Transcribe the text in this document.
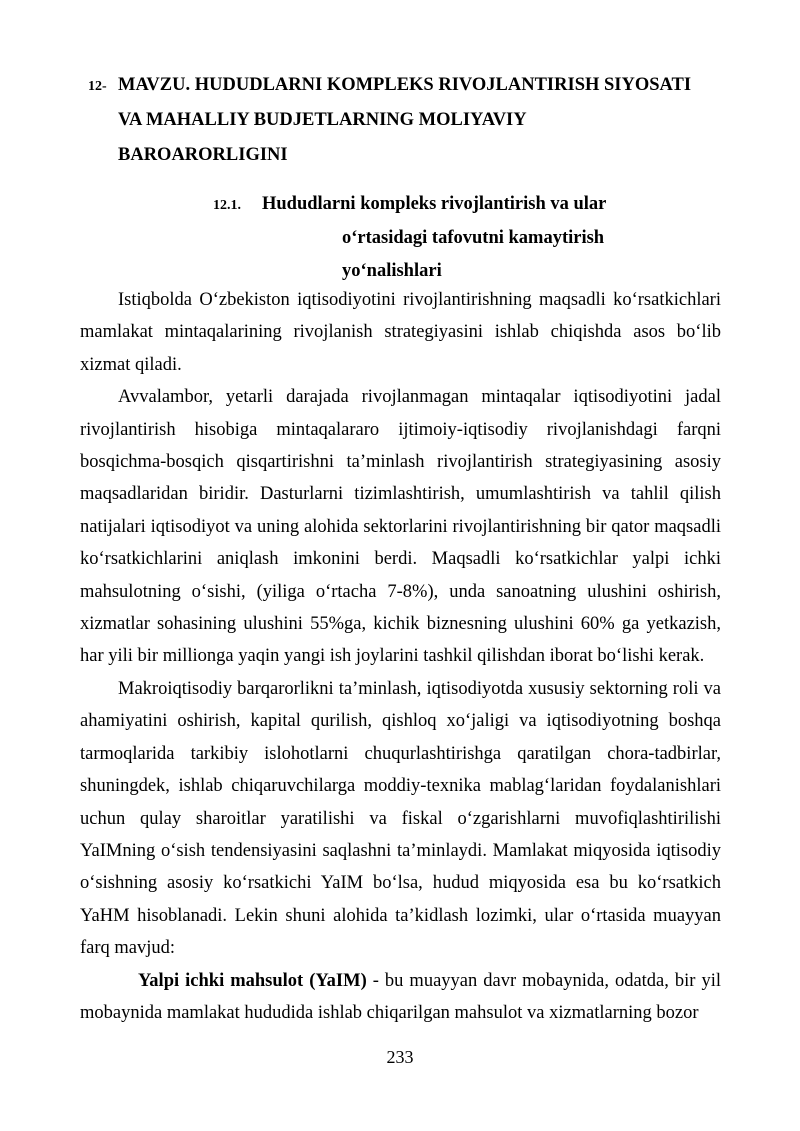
12- MAVZU. HUDUDLARNI KOMPLEKS RIVOJLANTIRISH SIYOSATI
VA MAHALLIY BUDJETLARNING MOLIYAVIY
BAROARORLIGINI
12.1. Hududlarni kompleks rivojlantirish va ular
o‘rtasidagi tafovutni kamaytirish
yo‘nalishlari

Istiqbolda O‘zbekiston iqtisodiyotini rivojlantirishning maqsadli ko‘rsatkichlari mamlakat mintaqalarining rivojlanish strategiyasini ishlab chiqishda asos bo‘lib xizmat qiladi.

Avvalambor, yetarli darajada rivojlanmagan mintaqalar iqtisodiyotini jadal rivojlantirish hisobiga mintaqalararo ijtimoiy-iqtisodiy rivojlanishdagi farqni bosqichma-bosqich qisqartirishni ta’minlash rivojlantirish strategiyasining asosiy maqsadlaridan biridir. Dasturlarni tizimlashtirish, umumlashtirish va tahlil qilish natijalari iqtisodiyot va uning alohida sektorlarini rivojlantirishning bir qator maqsadli ko‘rsatkichlarini aniqlash imkonini berdi. Maqsadli ko‘rsatkichlar yalpi ichki mahsulotning o‘sishi, (yiliga o‘rtacha 7-8%), unda sanoatning ulushini oshirish, xizmatlar sohasining ulushini 55%ga, kichik biznesning ulushini 60% ga yetkazish, har yili bir millionga yaqin yangi ish joylarini tashkil qilishdan iborat bo‘lishi kerak.

Makroiqtisodiy barqarorlikni ta’minlash, iqtisodiyotda xususiy sektorning roli va ahamiyatini oshirish, kapital qurilish, qishloq xo‘jaligi va iqtisodiyotning boshqa tarmoqlarida tarkibiy islohotlarni chuqurlashtirishga qaratilgan chora-tadbirlar, shuningdek, ishlab chiqaruvchilarga moddiy-texnika mablag‘laridan foydalanishlari uchun qulay sharoitlar yaratilishi va fiskal o‘zgarishlarni muvofiqlashtirilishi YaIMning o‘sish tendensiyasini saqlashni ta’minlaydi. Mamlakat miqyosida iqtisodiy o‘sishning asosiy ko‘rsatkichi YaIM bo‘lsa, hudud miqyosida esa bu ko‘rsatkich YaHM hisoblanadi. Lekin shuni alohida ta’kidlash lozimki, ular o‘rtasida muayyan farq mavjud:

Yalpi ichki mahsulot (YaIM) - bu muayyan davr mobaynida, odatda, bir yil mobaynida mamlakat hududida ishlab chiqarilgan mahsulot va xizmatlarning bozor

233
